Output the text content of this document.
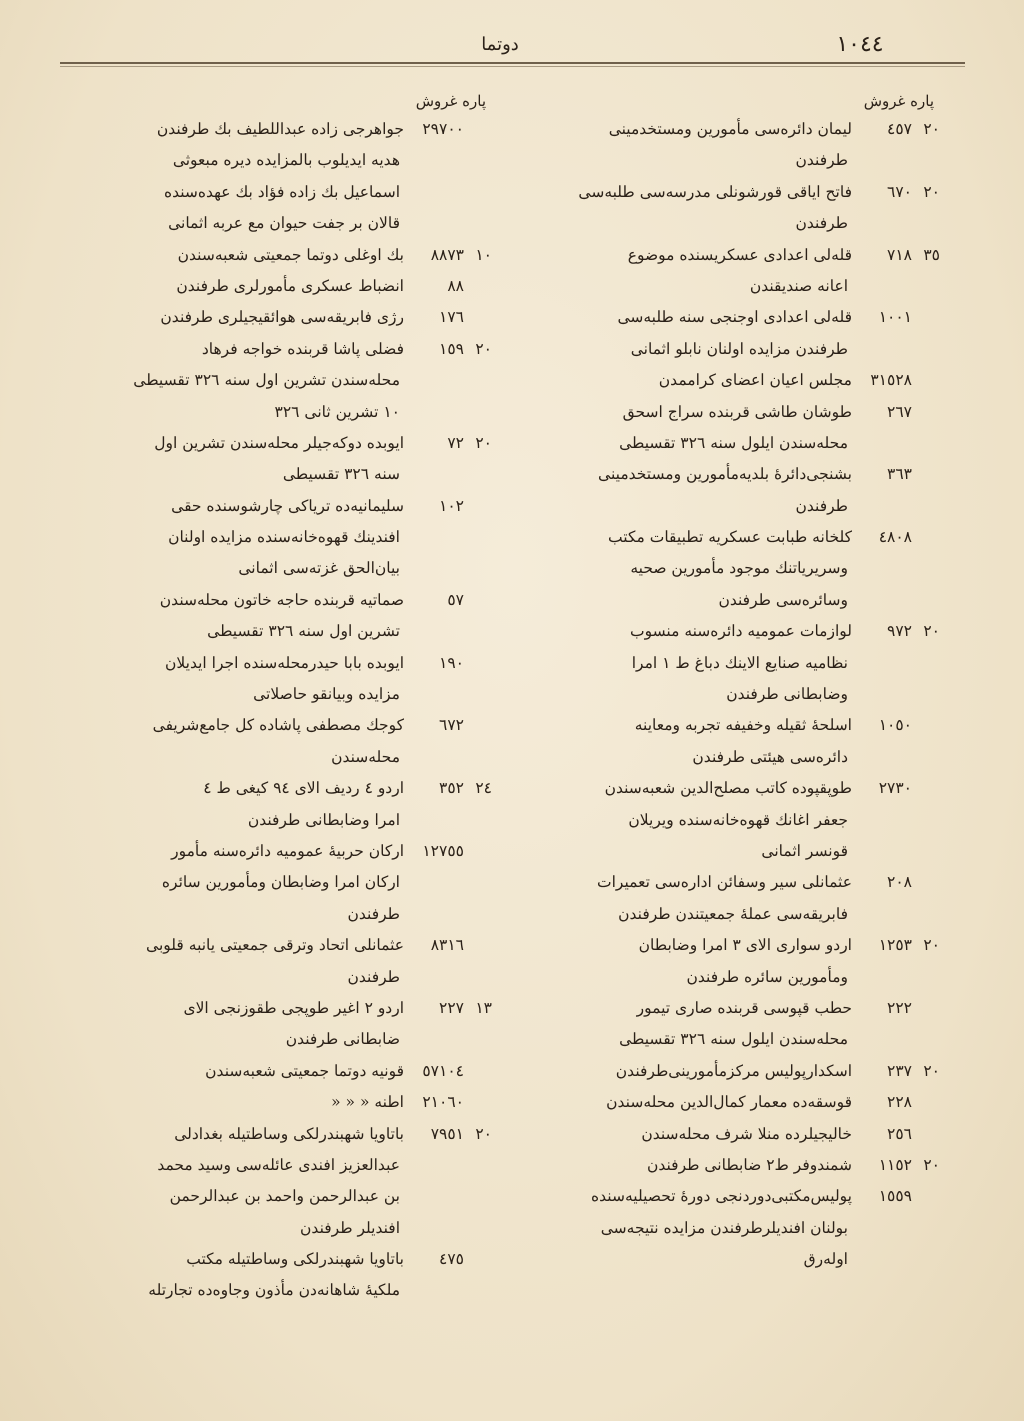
١٠٤٤
دوتما
پاره غروش
٢٠٤٥٧لیمان دائره‌سی مأمورین ومستخدمینی
طرفندن
٢٠٦٧٠فاتح ایاقی قورشونلی مدرسه‌سی طلبه‌سی
طرفندن
٣٥٧١٨قله‌لی اعدادی عسکریسنده موضوع
اعانه صندیقندن
١٠٠١قله‌لی اعدادی اوجنجی سنه طلبه‌سی
طرفندن مزایده اولنان نابلو اثمانی
٣١٥٢٨مجلس اعیان اعضای کراممدن
٢٦٧طوشان طاشی قربنده سراج اسحق
محله‌سندن ایلول سنه ٣٢٦ تقسیطی
٣٦٣بشنجی‌دائرهٔ بلدیه‌مأمورین ومستخدمینی
طرفندن
٤٨٠٨کلخانه طبابت عسکریه تطبیقات مکتب
وسریریاتنك موجود مأمورین صحیه
وسائره‌سی طرفندن
٢٠٩٧٢لوازمات عمومیه دائره‌سنه منسوب
نظامیه صنایع الاینك دباغ ط ١ امرا
وضابطانی طرفندن
١٠٥٠اسلحهٔ ثقیله وخفیفه تجربه ومعاینه
دائره‌سی هیئتی طرفندن
٢٧٣٠طوپقپوده کاتب مصلح‌الدین شعبه‌سندن
جعفر اغانك قهوه‌خانه‌سنده ویریلان
قونسر اثمانی
٢٠٨عثمانلی سیر وسفائن اداره‌سی تعمیرات
فابریقه‌سی عمله‌ٔ جمعیتندن طرفندن
٢٠١٢٥٣اردو سواری الای ٣ امرا وضابطان
ومأمورین سائره طرفندن
٢٢٢حطب قپوسی قربنده صاری تیمور
محله‌سندن ایلول سنه ٣٢٦ تقسیطی
٢٠٢٣٧اسکدارپولیس مرکزمأمورینی‌طرفندن
٢٢٨قوسقه‌ده معمار کمال‌الدین محله‌سندن
٢٥٦خالیجیلرده منلا شرف محله‌سندن
٢٠١١٥٢شمندوفر ط٢ ضابطانی طرفندن
١٥٥٩پولیس‌مکتبی‌دوردنجی دورهٔ تحصیلیه‌سنده
بولنان افندیلرطرفندن مزایده نتیجه‌سی
اوله‌رق
پاره غروش
٢٩٧٠٠جواهرجی زاده عبداللطیف بك طرفندن
هدیه ایدیلوب بالمزایده دیره مبعوثی
اسماعیل بك زاده فؤاد بك عهده‌سنده
قالان بر جفت حیوان مع عربه اثمانی
١٠٨٨٧٣بك اوغلی دوتما جمعیتی شعبه‌سندن
٨٨انضباط عسکری مأمورلری طرفندن
١٧٦رژی فابریقه‌سی هوائقیجیلری طرفندن
٢٠١٥٩فضلی پاشا قربنده خواجه فرهاد
محله‌سندن تشرین اول سنه ٣٢٦ تقسیطی
١٠ تشرین ثانی ٣٢٦
٢٠٧٢ایوبده دوکه‌جیلر محله‌سندن تشرین اول
سنه ٣٢٦ تقسیطی
١٠٢سلیمانیه‌ده تریاکی چارشوسنده حقی
افندینك قهوه‌خانه‌سنده مزایده اولنان
بیان‌الحق غزته‌سی اثمانی
٥٧صماتیه قربنده حاجه خاتون محله‌سندن
تشرین اول سنه ٣٢٦ تقسیطی
١٩٠ایوبده بابا حیدرمحله‌سنده اجرا ایدیلان
مزایده وبیانقو حاصلاتی
٦٧٢کوجك مصطفی پاشاده کل جامع‌شریفی
محله‌سندن
٢٤٣٥٢اردو ٤ ردیف الای ٩٤ کیغی ط ٤
امرا وضابطانی طرفندن
١٢٧٥٥ارکان حربیهٔ عمومیه دائره‌سنه مأمور
ارکان امرا وضابطان ومأمورین سائره
طرفندن
٨٣١٦عثمانلی اتحاد وترقی جمعیتی یانبه قلوبی
طرفندن
١٣٢٢٧اردو ٢ اغیر طوپجی طقوزنجی الای
ضابطانی طرفندن
٥٧١٠٤قونیه دوتما جمعیتی شعبه‌سندن
٢١٠٦٠اطنه « « «
٢٠٧٩٥١باتاویا شهبندرلکی وساطتیله بغدادلی
عبدالعزیز افندی عائله‌سی وسید محمد
بن عبدالرحمن واحمد بن عبدالرحمن
افندیلر طرفندن
٤٧٥باتاویا شهبندرلکی وساطتیله مکتب
ملکیهٔ شاهانه‌دن مأذون وجاوه‌ده تجارتله
